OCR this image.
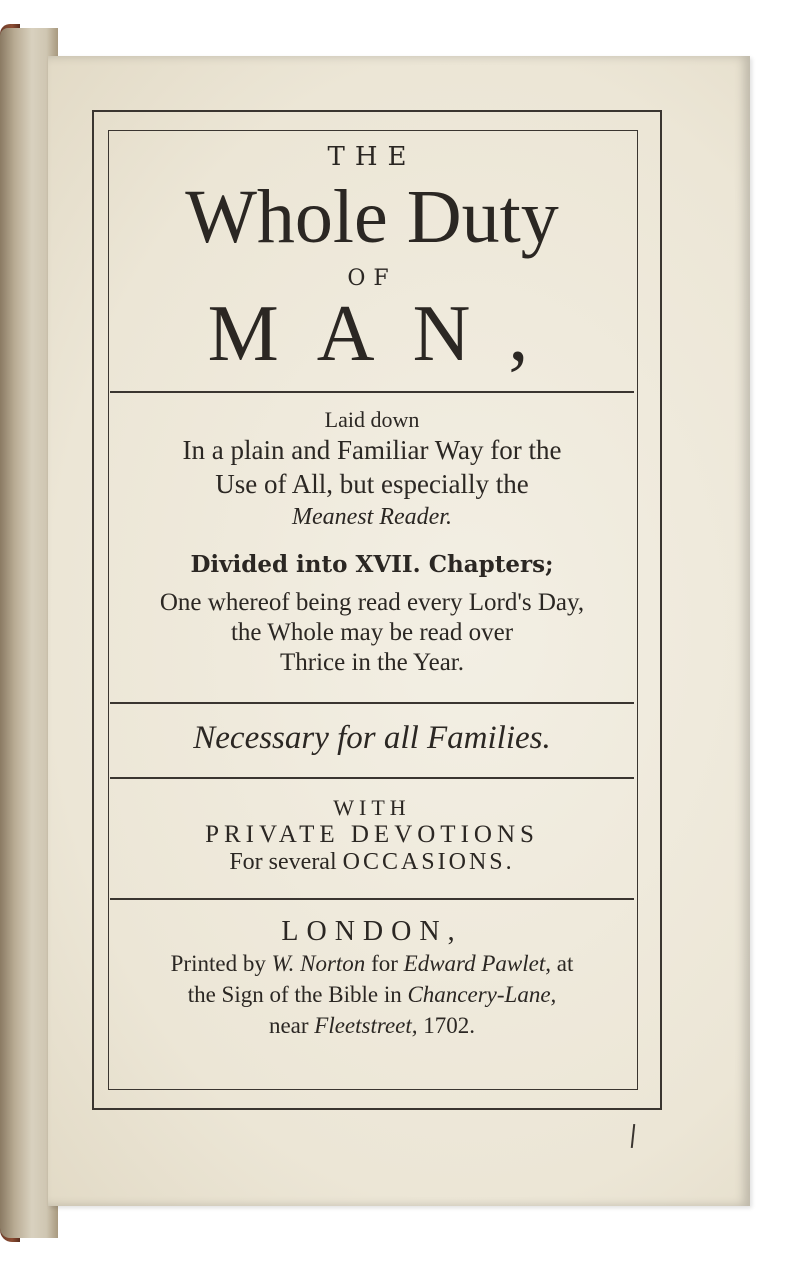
THE
Whole Duty
OF
MAN,
Laid down
In a plain and Familiar Way for the
Use of All, but especially the
Meanest Reader.
Divided into XVII. Chapters;
One whereof being read every Lord's Day,
the Whole may be read over
Thrice in the Year.
Necessary for all Families.
WITH
PRIVATE DEVOTIONS
For several OCCASIONS.
LONDON,
Printed by W. Norton for Edward Pawlet, at
the Sign of the Bible in Chancery-Lane,
near Fleetstreet, 1702.
